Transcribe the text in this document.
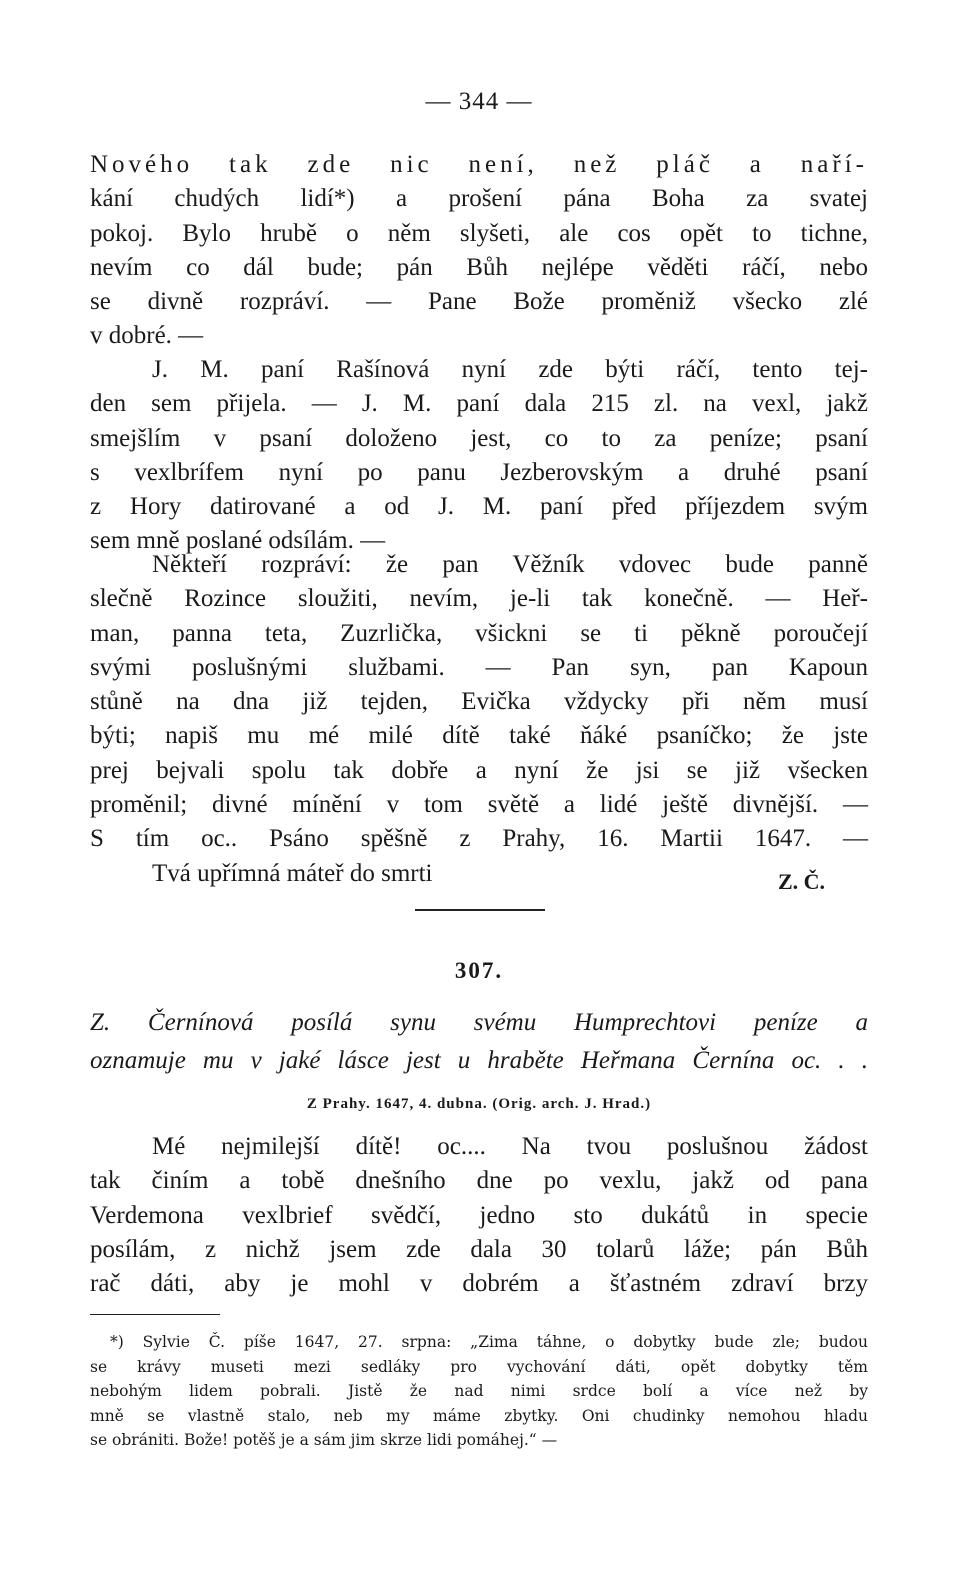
— 344 —
Nového tak zde nic není, než pláč a naří-
kání chudých lidí*) a prošení pána Boha za svatej
pokoj. Bylo hrubě o něm slyšeti, ale cos opět to tichne,
nevím co dál bude; pán Bůh nejlépe věděti ráčí, nebo
se divně rozpráví. — Pane Bože proměniž všecko zlé
v dobré. —
J. M. paní Rašínová nyní zde býti ráčí, tento tej-
den sem přijela. — J. M. paní dala 215 zl. na vexl, jakž
smejšlím v psaní doloženo jest, co to za peníze; psaní
s vexlbrífem nyní po panu Jezberovským a druhé psaní
z Hory datirované a od J. M. paní před příjezdem svým
sem mně poslané odsílám. —
Někteří rozpráví: že pan Věžník vdovec bude panně
slečně Rozince sloužiti, nevím, je-li tak konečně. — Heř-
man, panna teta, Zuzrlička, všickni se ti pěkně poroučejí
svými poslušnými službami. — Pan syn, pan Kapoun
stůně na dna již tejden, Evička vždycky při něm musí
býti; napiš mu mé milé dítě také ňáké psaníčko; že jste
prej bejvali spolu tak dobře a nyní že jsi se již všecken
proměnil; divné mínění v tom světě a lidé ještě divnější. —
S tím oc.. Psáno spěšně z Prahy, 16. Martii 1647. —
Tvá upřímná máteř do smrti	Z. Č.
307.
Z. Černínová posílá synu svému Humprechtovi peníze a
oznamuje mu v jaké lásce jest u hraběte Heřmana Černína oc. . .
Z Prahy. 1647, 4. dubna. (Orig. arch. J. Hrad.)
Mé nejmilejší dítě! oc.... Na tvou poslušnou žádost
tak činím a tobě dnešního dne po vexlu, jakž od pana
Verdemona vexlbrief svědčí, jedno sto dukátů in specie
posílám, z nichž jsem zde dala 30 tolarů láže; pán Bůh
rač dáti, aby je mohl v dobrém a šťastném zdraví brzy
*) Sylvie Č. píše 1647, 27. srpna: „Zima táhne, o dobytky bude zle; budou
se krávy museti mezi sedláky pro vychování dáti, opět dobytky těm
nebohým lidem pobrali. Jistě že nad nimi srdce bolí a více než by
mně se vlastně stalo, neb my máme zbytky. Oni chudinky nemohou hladu
se obrániti. Bože! potěš je a sám jim skrze lidi pomáhej.“ —
